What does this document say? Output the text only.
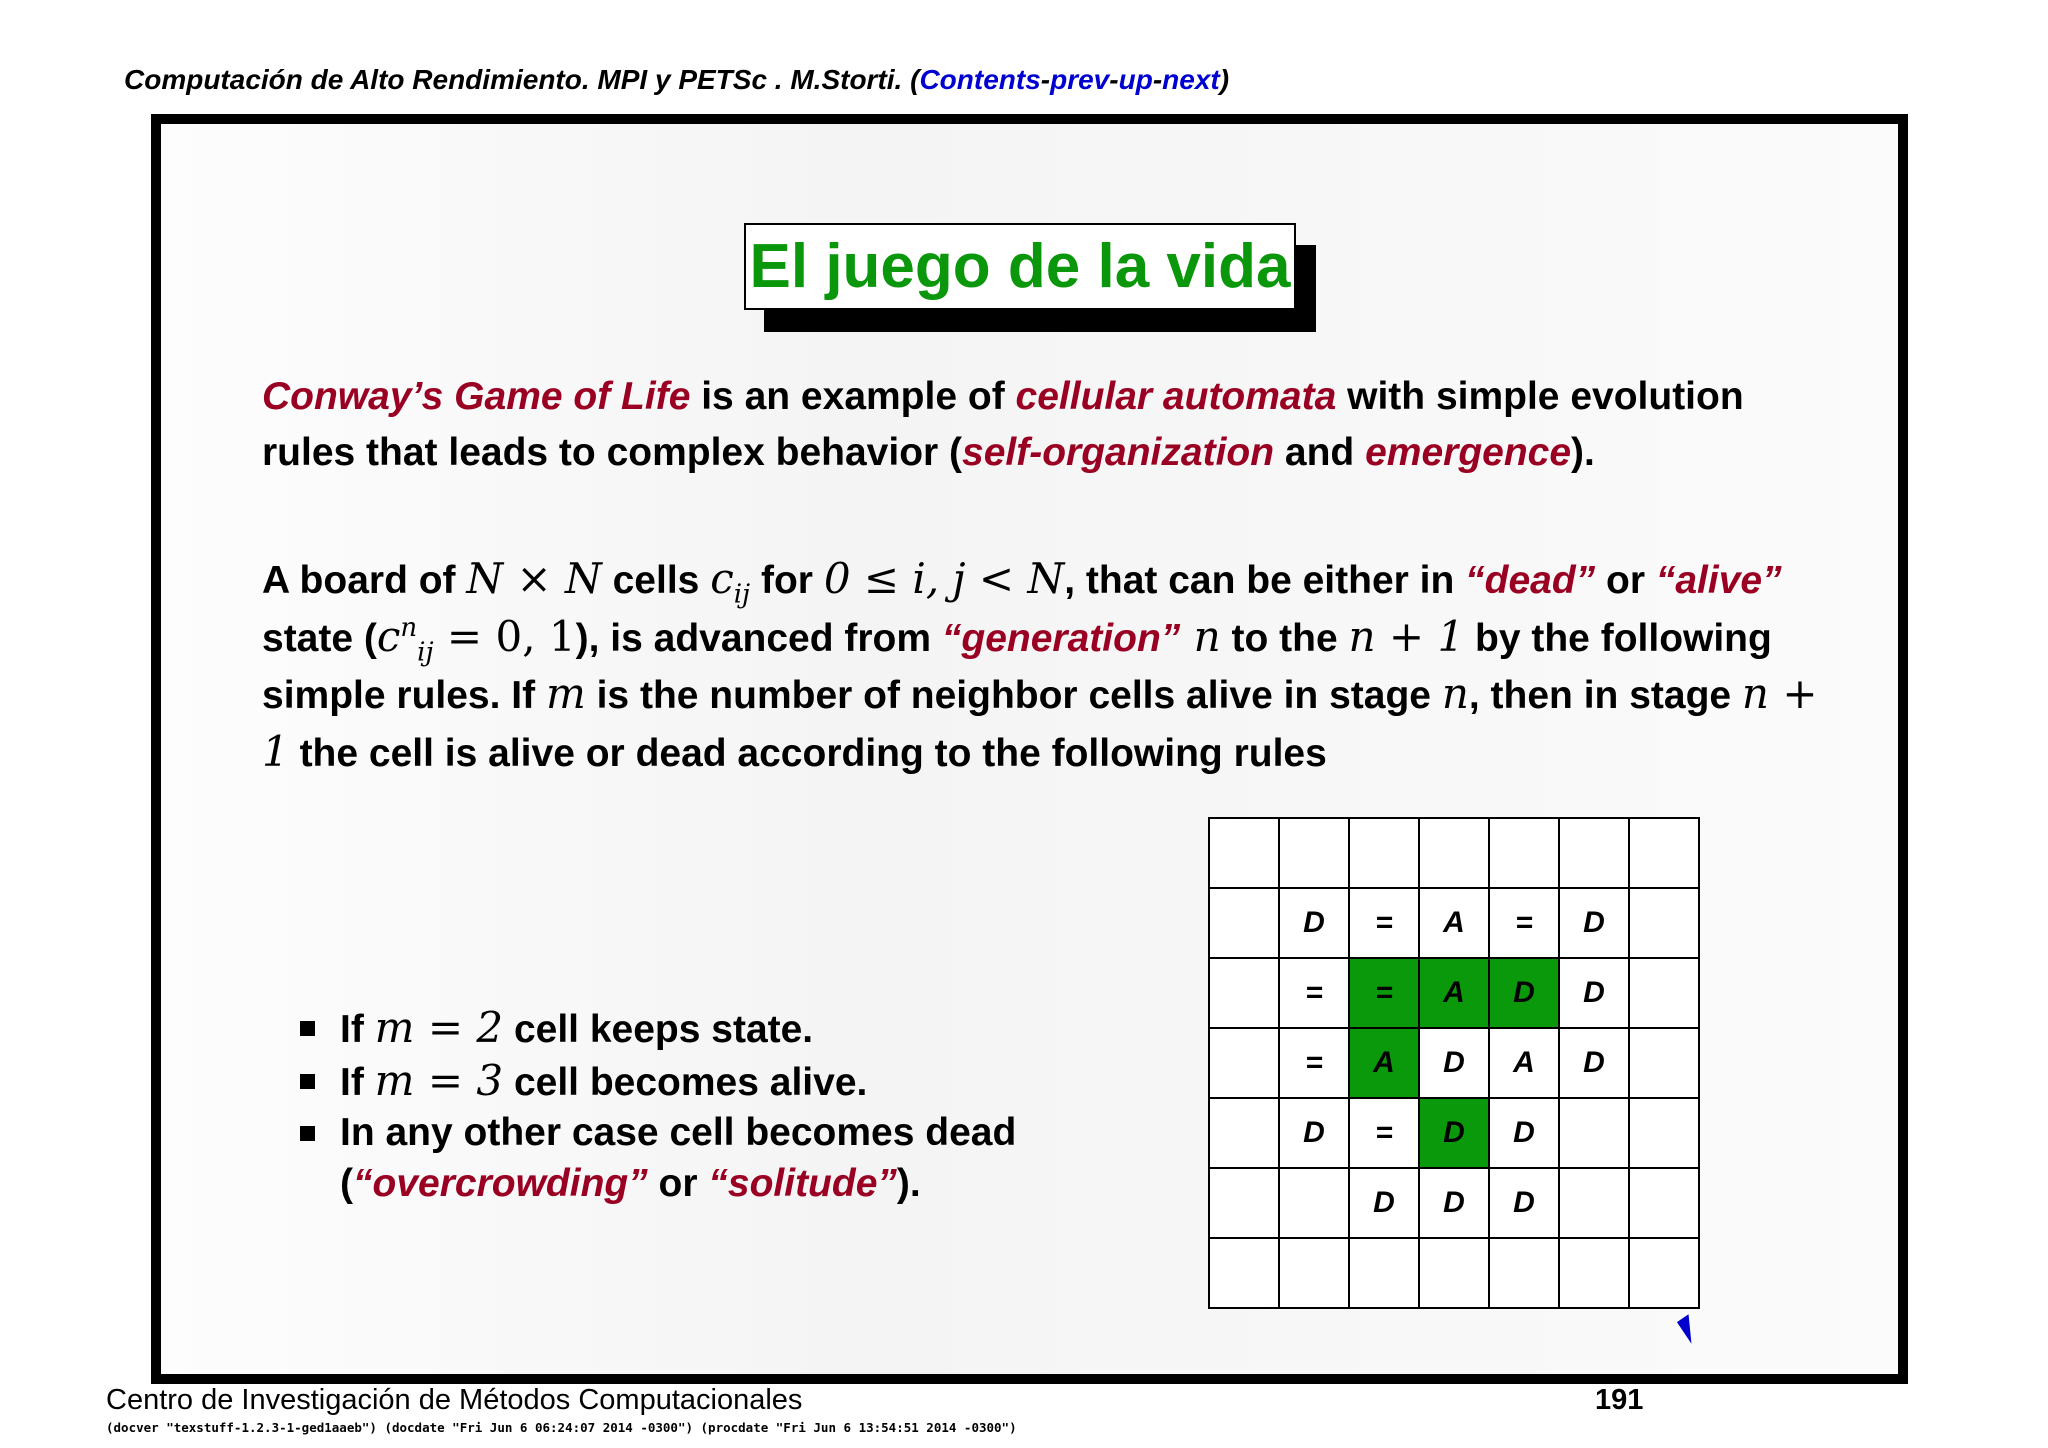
Computación de Alto Rendimiento. MPI y PETSc . M.Storti. (Contents-prev-up-next)
El juego de la vida

Conway’s Game of Life is an example of cellular automata with simple evolution rules that leads to complex behavior (self-organization and emergence).

A board of N × N cells $c_{ij}$ for 0 ≤ i, j < N, that can be either in “dead” or “alive” state ($c^n_{ij} = 0$, 1), is advanced from “generation” n to the n + 1 by the following simple rules. If m is the number of neighbor cells alive in stage n, then in stage n + 1 the cell is alive or dead according to the following rules

If m = 2 cell keeps state.
If m = 3 cell becomes alive.
In any other case cell becomes dead
(“overcrowding” or “solitude”).

	D	=	A	=	D	
	=	=	A	D	D	
	=	A	D	A	D	
	D	=	D	D		
		D	D	D		

Centro de Investigación de Métodos Computacionales	191
(docver "texstuff-1.2.3-1-ged1aaeb") (docdate "Fri Jun 6 06:24:07 2014 -0300") (procdate "Fri Jun 6 13:54:51 2014 -0300")
